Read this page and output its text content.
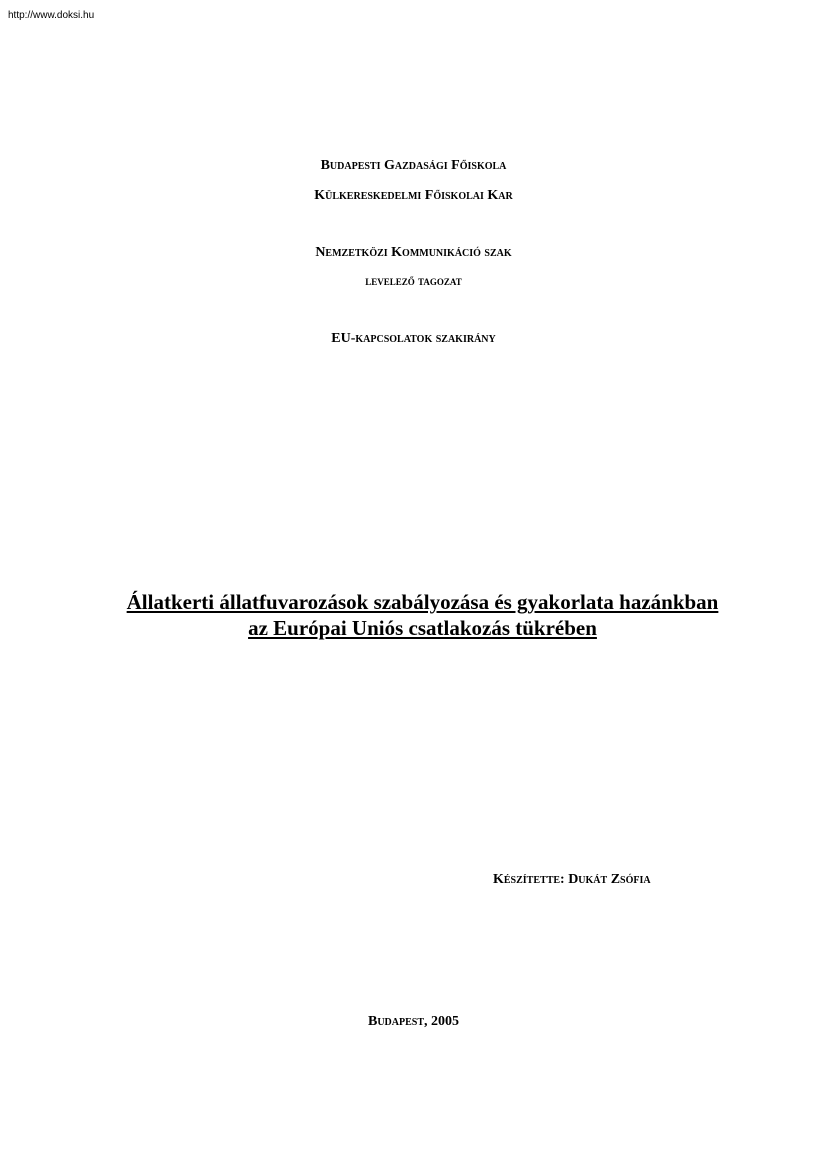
http://www.doksi.hu
Budapesti Gazdasági Főiskola
Külkereskedelmi Főiskolai Kar
Nemzetközi Kommunikáció szak
levelező tagozat
EU-kapcsolatok szakirány
Állatkerti állatfuvarozások szabályozása és gyakorlata hazánkban
az Európai Uniós csatlakozás tükrében
Készítette: Dukát Zsófia
Budapest, 2005
